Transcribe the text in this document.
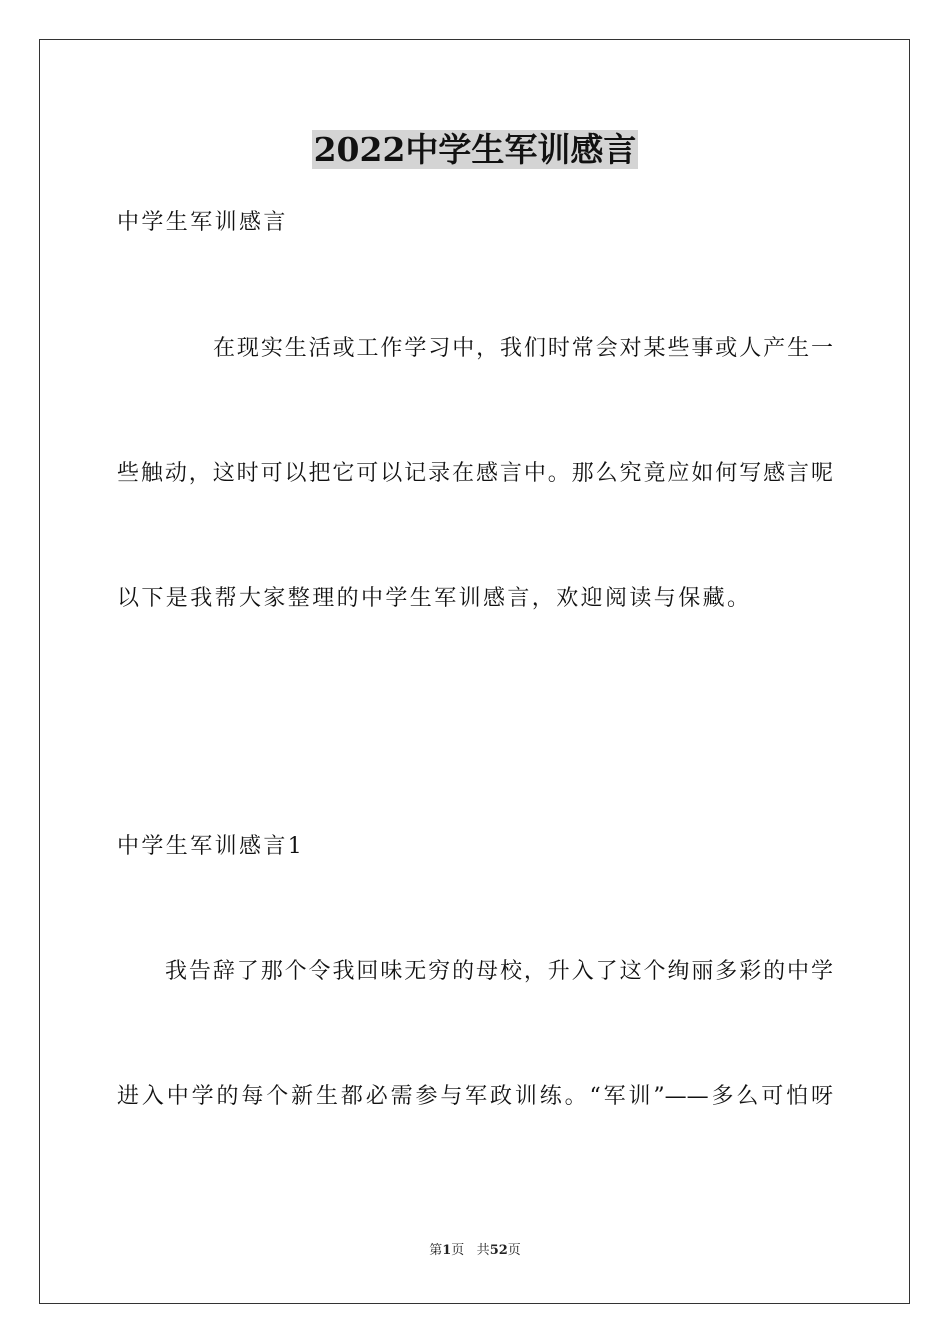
2022中学生军训感言
中学生军训感言
在现实生活或工作学习中，我们时常会对某些事或人产生一
些触动，这时可以把它可以记录在感言中。那么究竟应如何写感言呢
以下是我帮大家整理的中学生军训感言，欢迎阅读与保藏。
中学生军训感言1
我告辞了那个令我回味无穷的母校，升入了这个绚丽多彩的中学
进入中学的每个新生都必需参与军政训练。“军训”——多么可怕呀
第1页 共52页
